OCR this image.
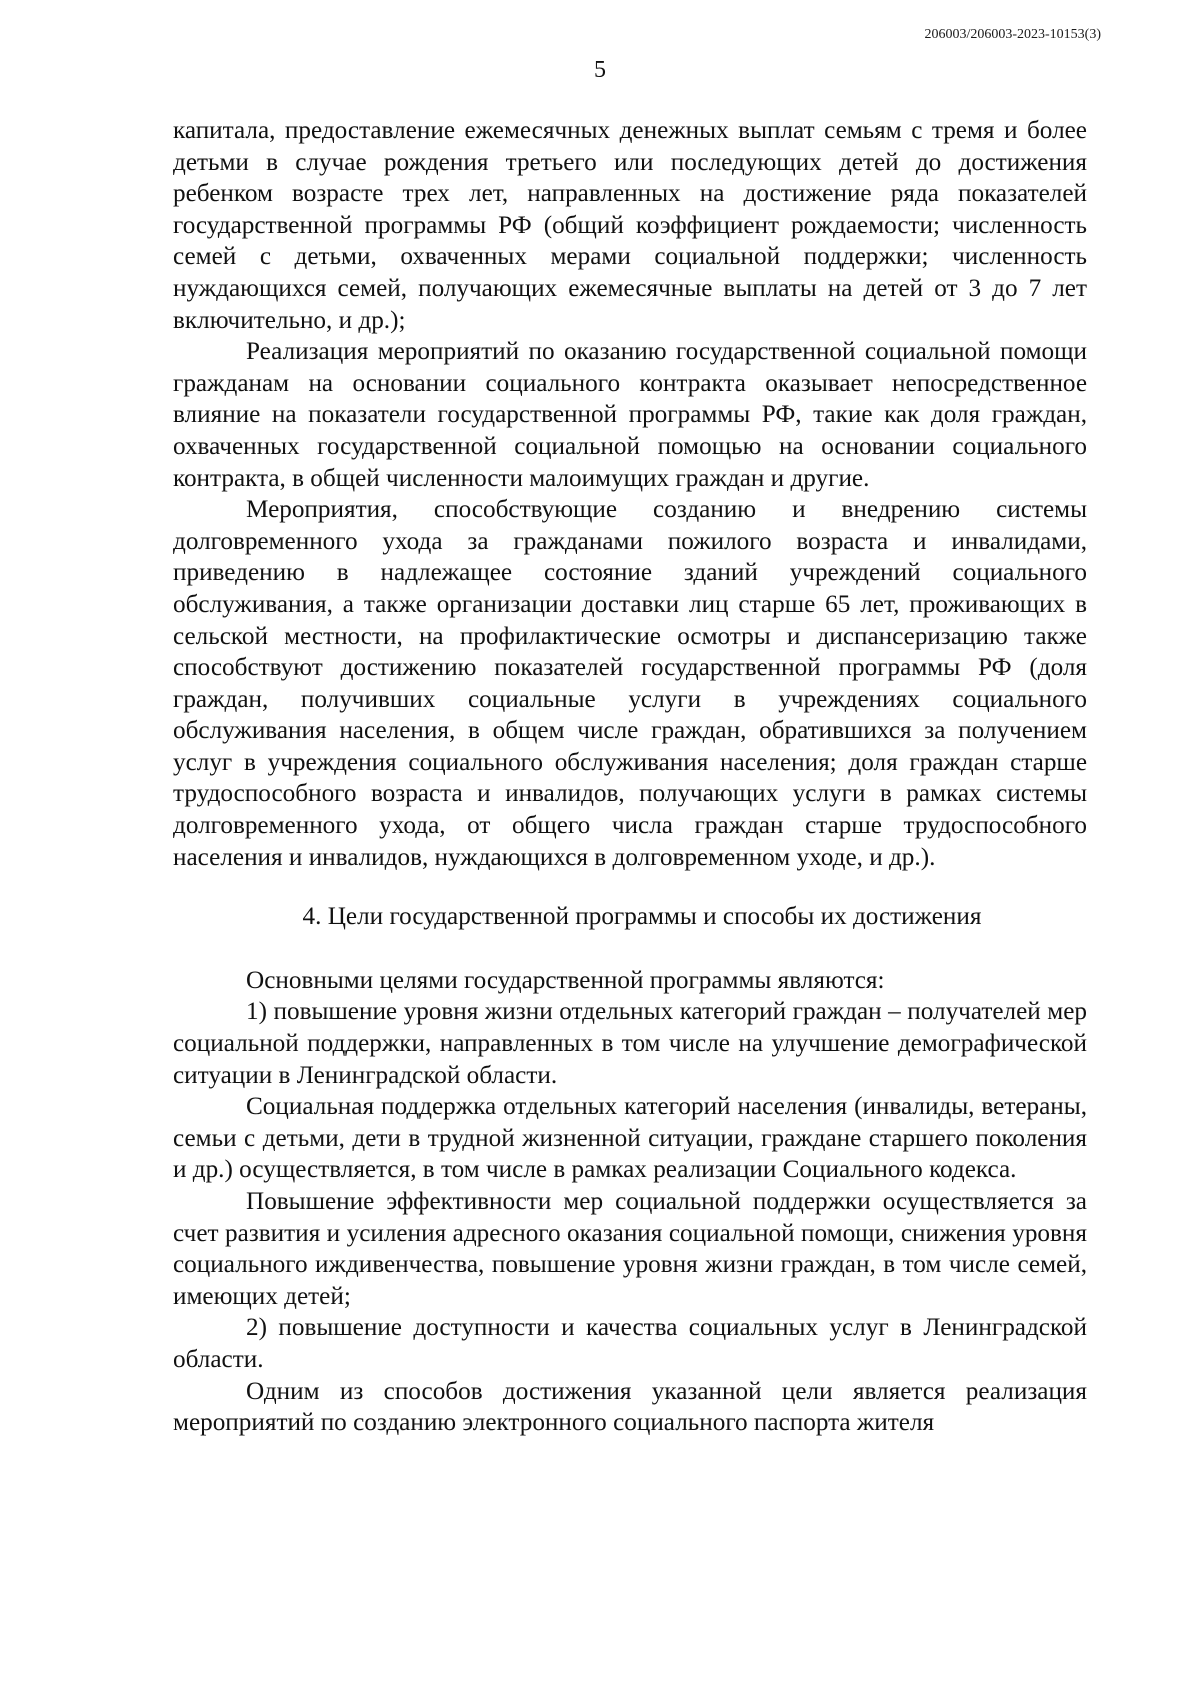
206003/206003-2023-10153(3)
5

капитала, предоставление ежемесячных денежных выплат семьям с тремя и более детьми в случае рождения третьего или последующих детей до достижения ребенком возрасте трех лет, направленных на достижение ряда показателей государственной программы РФ (общий коэффициент рождаемости; численность семей с детьми, охваченных мерами социальной поддержки; численность нуждающихся семей, получающих ежемесячные выплаты на детей от 3 до 7 лет включительно, и др.);

Реализация мероприятий по оказанию государственной социальной помощи гражданам на основании социального контракта оказывает непосредственное влияние на показатели государственной программы РФ, такие как доля граждан, охваченных государственной социальной помощью на основании социального контракта, в общей численности малоимущих граждан и другие.

Мероприятия, способствующие созданию и внедрению системы долговременного ухода за гражданами пожилого возраста и инвалидами, приведению в надлежащее состояние зданий учреждений социального обслуживания, а также организации доставки лиц старше 65 лет, проживающих в сельской местности, на профилактические осмотры и диспансеризацию также способствуют достижению показателей государственной программы РФ (доля граждан, получивших социальные услуги в учреждениях социального обслуживания населения, в общем числе граждан, обратившихся за получением услуг в учреждения социального обслуживания населения; доля граждан старше трудоспособного возраста и инвалидов, получающих услуги в рамках системы долговременного ухода, от общего числа граждан старше трудоспособного населения и инвалидов, нуждающихся в долговременном уходе, и др.).

4. Цели государственной программы и способы их достижения

Основными целями государственной программы являются:

1) повышение уровня жизни отдельных категорий граждан – получателей мер социальной поддержки, направленных в том числе на улучшение демографической ситуации в Ленинградской области.

Социальная поддержка отдельных категорий населения (инвалиды, ветераны, семьи с детьми, дети в трудной жизненной ситуации, граждане старшего поколения и др.) осуществляется, в том числе в рамках реализации Социального кодекса.

Повышение эффективности мер социальной поддержки осуществляется за счет развития и усиления адресного оказания социальной помощи, снижения уровня социального иждивенчества, повышение уровня жизни граждан, в том числе семей, имеющих детей;

2) повышение доступности и качества социальных услуг в Ленинградской области.

Одним из способов достижения указанной цели является реализация мероприятий по созданию электронного социального паспорта жителя
